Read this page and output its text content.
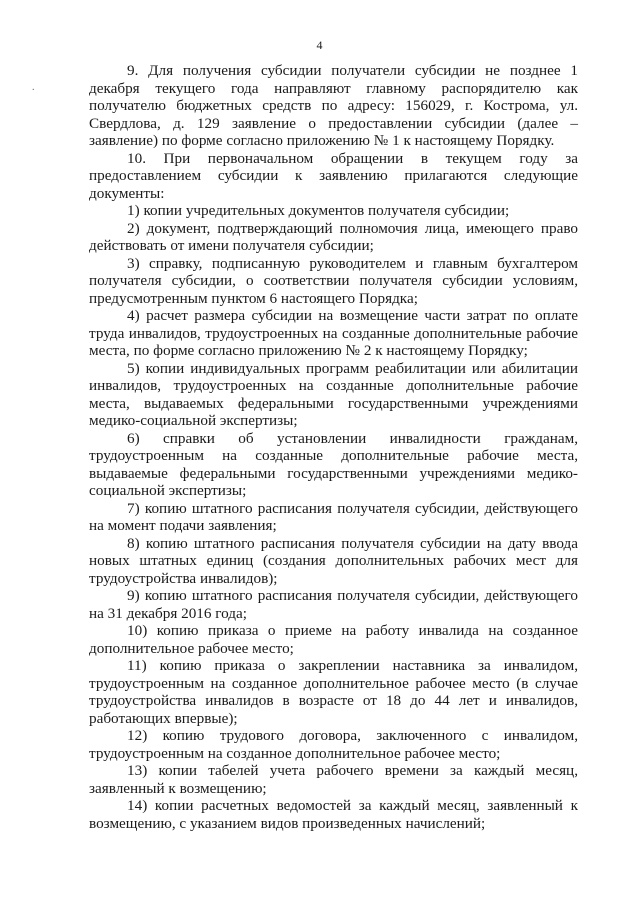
4
.

9. Для получения субсидии получатели субсидии не позднее 1 декабря текущего года направляют главному распорядителю как получателю бюджетных средств по адресу: 156029, г. Кострома, ул. Свердлова, д. 129 заявление о предоставлении субсидии (далее – заявление) по форме согласно приложению № 1 к настоящему Порядку.

10. При первоначальном обращении в текущем году за предоставлением субсидии к заявлению прилагаются следующие документы:

1) копии учредительных документов получателя субсидии;

2) документ, подтверждающий полномочия лица, имеющего право действовать от имени получателя субсидии;

3) справку, подписанную руководителем и главным бухгалтером получателя субсидии, о соответствии получателя субсидии условиям, предусмотренным пунктом 6 настоящего Порядка;

4) расчет размера субсидии на возмещение части затрат по оплате труда инвалидов, трудоустроенных на созданные дополнительные рабочие места, по форме согласно приложению № 2 к настоящему Порядку;

5) копии индивидуальных программ реабилитации или абилитации инвалидов, трудоустроенных на созданные дополнительные рабочие места, выдаваемых федеральными государственными учреждениями медико-социальной экспертизы;

6) справки об установлении инвалидности гражданам, трудоустроенным на созданные дополнительные рабочие места, выдаваемые федеральными государственными учреждениями медико-социальной экспертизы;

7) копию штатного расписания получателя субсидии, действующего на момент подачи заявления;

8) копию штатного расписания получателя субсидии на дату ввода новых штатных единиц (создания дополнительных рабочих мест для трудоустройства инвалидов);

9) копию штатного расписания получателя субсидии, действующего на 31 декабря 2016 года;

10) копию приказа о приеме на работу инвалида на созданное дополнительное рабочее место;

11) копию приказа о закреплении наставника за инвалидом, трудоустроенным на созданное дополнительное рабочее место (в случае трудоустройства инвалидов в возрасте от 18 до 44 лет и инвалидов, работающих впервые);

12) копию трудового договора, заключенного с инвалидом, трудоустроенным на созданное дополнительное рабочее место;

13) копии табелей учета рабочего времени за каждый месяц, заявленный к возмещению;

14) копии расчетных ведомостей за каждый месяц, заявленный к возмещению, с указанием видов произведенных начислений;
